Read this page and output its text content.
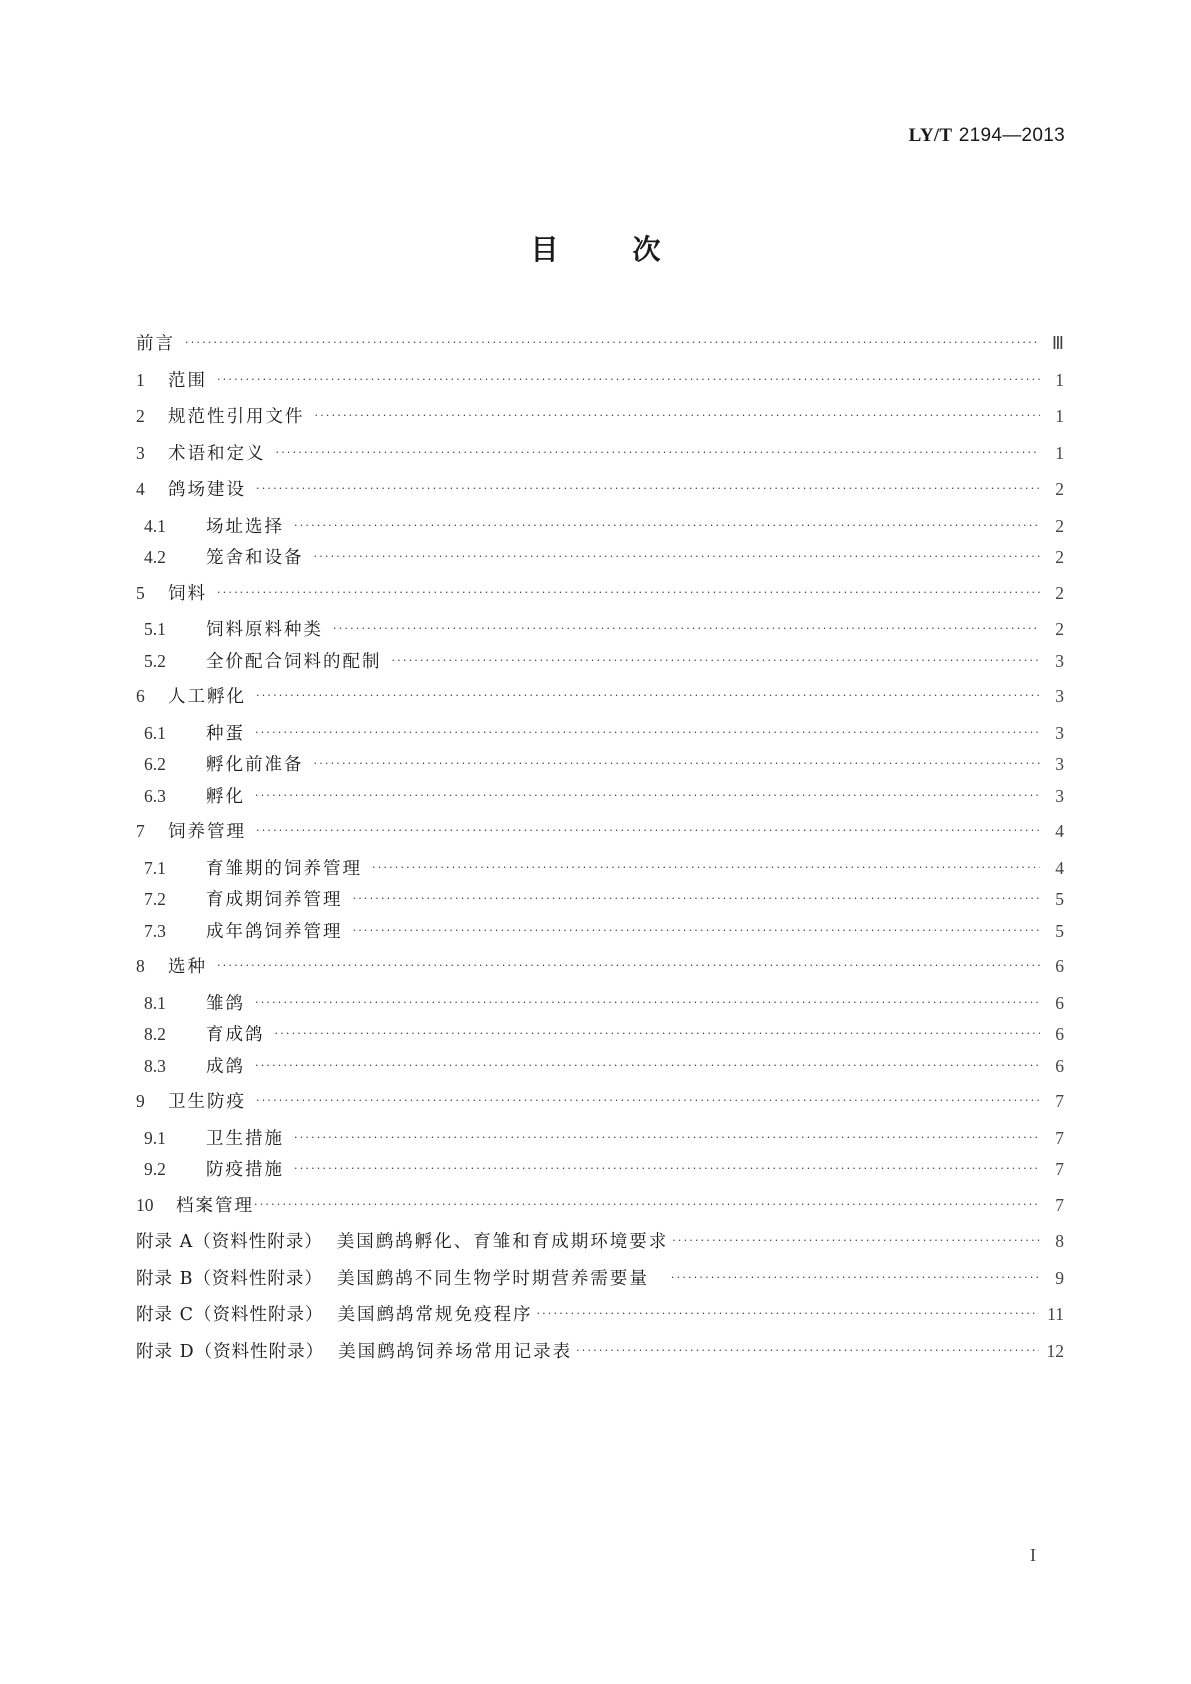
LY/T 2194—2013
目	次
前言 ·····	Ⅲ
1	范围 ·····	1
2	规范性引用文件 ·····	1
3	术语和定义 ·····	1
4	鸽场建设 ·····	2
4.1	场址选择 ·····	2
4.2	笼舍和设备 ·····	2
5	饲料 ·····	2
5.1	饲料原料种类 ·····	2
5.2	全价配合饲料的配制 ·····	3
6	人工孵化 ·····	3
6.1	种蛋 ·····	3
6.2	孵化前准备 ·····	3
6.3	孵化 ·····	3
7	饲养管理 ·····	4
7.1	育雏期的饲养管理 ·····	4
7.2	育成期饲养管理 ·····	5
7.3	成年鸽饲养管理 ·····	5
8	选种 ·····	6
8.1	雏鸽 ·····	6
8.2	育成鸽 ·····	6
8.3	成鸽 ·····	6
9	卫生防疫 ·····	7
9.1	卫生措施 ·····	7
9.2	防疫措施 ·····	7
10	档案管理 ·····	7
附录 A（资料性附录） 美国鹧鸪孵化、育雏和育成期环境要求 ·····	8
附录 B（资料性附录） 美国鹧鸪不同生物学时期营养需要量 ·····	9
附录 C（资料性附录） 美国鹧鸪常规免疫程序 ·····	11
附录 D（资料性附录） 美国鹧鸪饲养场常用记录表 ·····	12
I
